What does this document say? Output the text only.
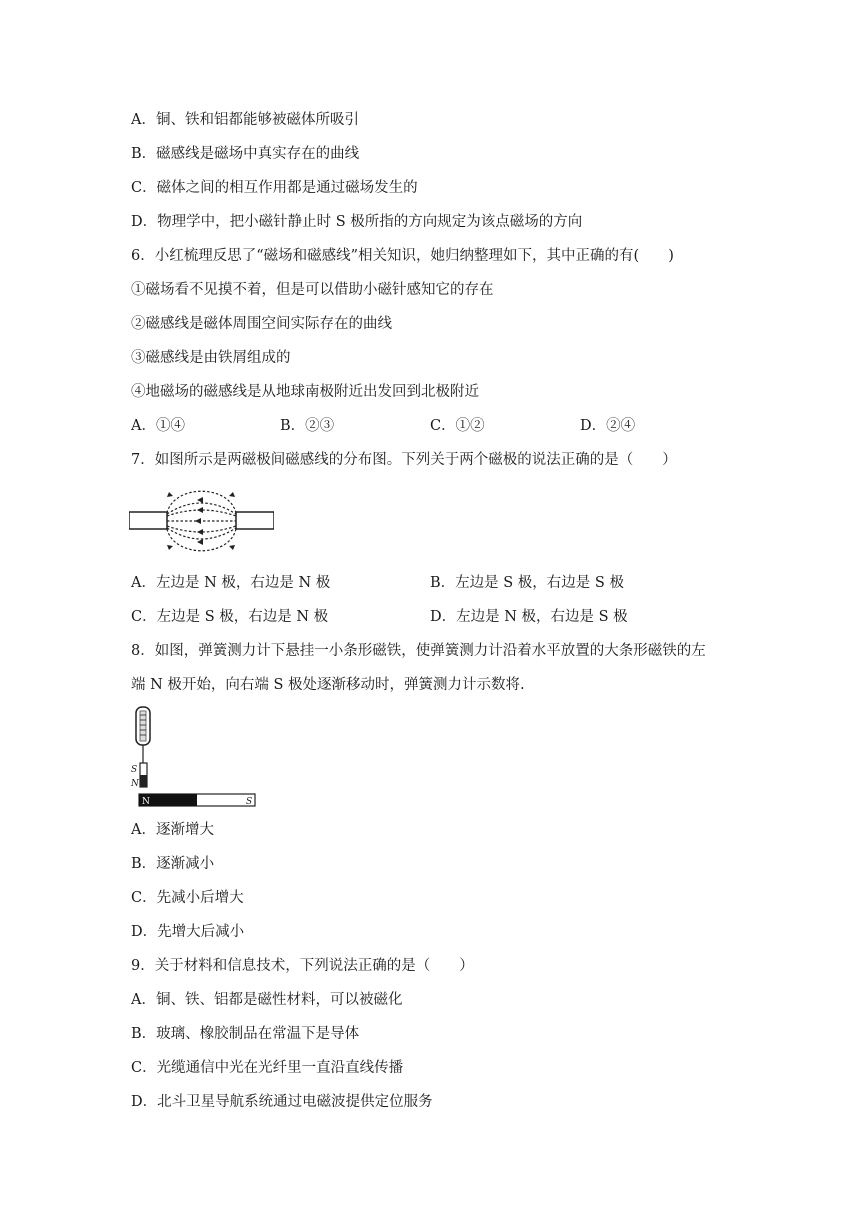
A．铜、铁和铝都能够被磁体所吸引
B．磁感线是磁场中真实存在的曲线
C．磁体之间的相互作用都是通过磁场发生的
D．物理学中，把小磁针静止时 S 极所指的方向规定为该点磁场的方向
6．小红梳理反思了“磁场和磁感线”相关知识，她归纳整理如下，其中正确的有(　　)
①磁场看不见摸不着，但是可以借助小磁针感知它的存在
②磁感线是磁体周围空间实际存在的曲线
③磁感线是由铁屑组成的
④地磁场的磁感线是从地球南极附近出发回到北极附近
A．①④	B．②③	C．①②	D．②④
7．如图所示是两磁极间磁感线的分布图。下列关于两个磁极的说法正确的是（　　）
A．左边是 N 极，右边是 N 极	B．左边是 S 极，右边是 S 极
C．左边是 S 极，右边是 N 极	D．左边是 N 极，右边是 S 极
8．如图，弹簧测力计下悬挂一小条形磁铁，使弹簧测力计沿着水平放置的大条形磁铁的左
端 N 极开始，向右端 S 极处逐渐移动时，弹簧测力计示数将.
S
N
N	S
A．逐渐增大
B．逐渐减小
C．先减小后增大
D．先增大后减小
9．关于材料和信息技术，下列说法正确的是（　　）
A．铜、铁、铝都是磁性材料，可以被磁化
B．玻璃、橡胶制品在常温下是导体
C．光缆通信中光在光纤里一直沿直线传播
D．北斗卫星导航系统通过电磁波提供定位服务
